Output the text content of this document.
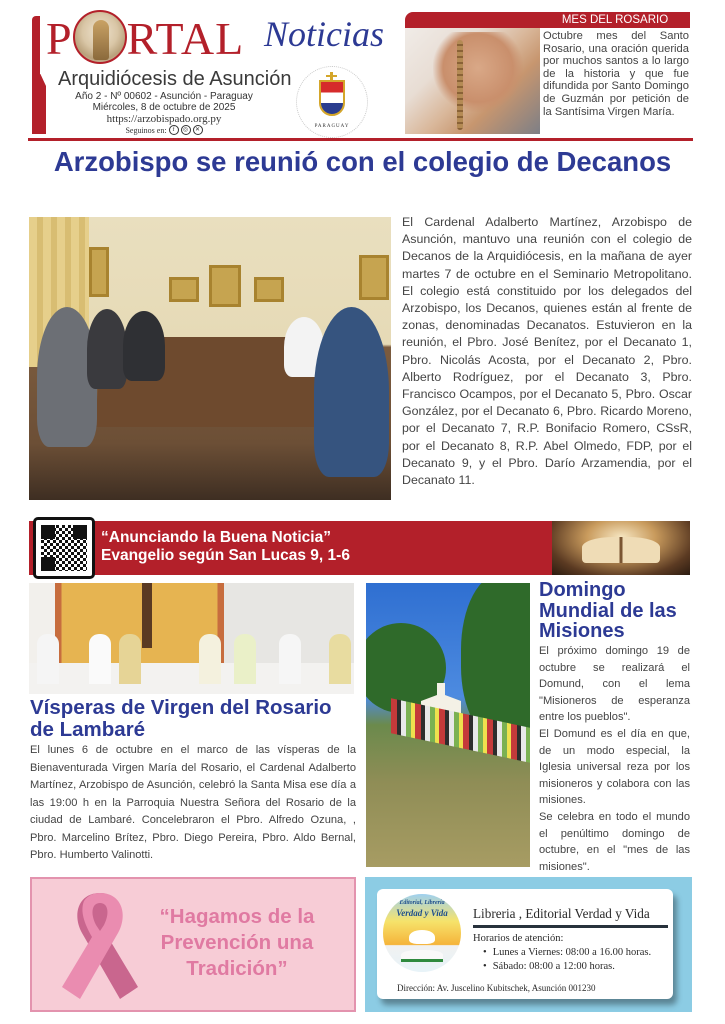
P RTAL Noticias
Arquidiócesis de Asunción
Año 2 - Nº 00602 - Asunción - Paraguay
Miércoles, 8 de octubre de 2025
https://arzobispado.org.py
Seguinos en:	f	◎	✕
PARAGUAY
MES DEL ROSARIO

Octubre mes del Santo Rosario, una oración querida por muchos santos a lo largo de la historia y que fue difundida por Santo Domingo de Guzmán por petición de la Santísima Virgen María.

Arzobispo se reunió con el colegio de Decanos

El Cardenal Adalberto Martínez, Arzobispo de Asunción, mantuvo una reunión con el colegio de Decanos de la Arquidiócesis, en la mañana de ayer martes 7 de octubre en el Seminario Metropolitano. El colegio está constituido por los delegados del Arzobispo, los Decanos, quienes están al frente de zonas, denominadas Decanatos. Estuvieron en la reunión, el Pbro. José Benítez, por el Decanato 1, Pbro. Nicolás Acosta, por el Decanato 2, Pbro. Alberto Rodríguez, por el Decanato 3, Pbro. Francisco Ocampos, por el Decanato 5, Pbro. Oscar González, por el Decanato 6, Pbro. Ricardo Moreno, por el Decanato 7, R.P. Bonifacio Romero, CSsR, por el Decanato 8, R.P. Abel Olmedo, FDP, por el Decanato 9, y el Pbro. Darío Arzamendia, por el Decanato 11.

“Anunciando la Buena Noticia”
Evangelio según San Lucas 9, 1-6
Vísperas de Virgen del Rosario de Lambaré

El lunes 6 de octubre en el marco de las vísperas de la Bienaventurada Virgen María del Rosario, el Cardenal Adalberto Martínez, Arzobispo de Asunción, celebró la Santa Misa ese día a las 19:00 h en la Parroquia Nuestra Señora del Rosario de la ciudad de Lambaré. Concelebraron el Pbro. Alfredo Ozuna, , Pbro. Marcelino Brítez, Pbro. Diego Pereira, Pbro. Aldo Bernal, Pbro. Humberto Valinotti.

Domingo Mundial de las Misiones

El próximo domingo 19 de octubre se realizará el Domund, con el lema "Misioneros de esperanza entre los pueblos".

El Domund es el día en que, de un modo especial, la Iglesia universal reza por los misioneros y colabora con las misiones.

Se celebra en todo el mundo el penúltimo domingo de octubre, en el "mes de las misiones".

“Hagamos de la Prevención una Tradición”
Editorial, Librería
Verdad y Vida	Libreria , Editorial Verdad y Vida
Horarios de atención:
• Lunes a Viernes: 08:00 a 16.00 horas.
• Sábado: 08:00 a 12:00 horas.
Dirección: Av. Juscelino Kubitschek, Asunción 001230
